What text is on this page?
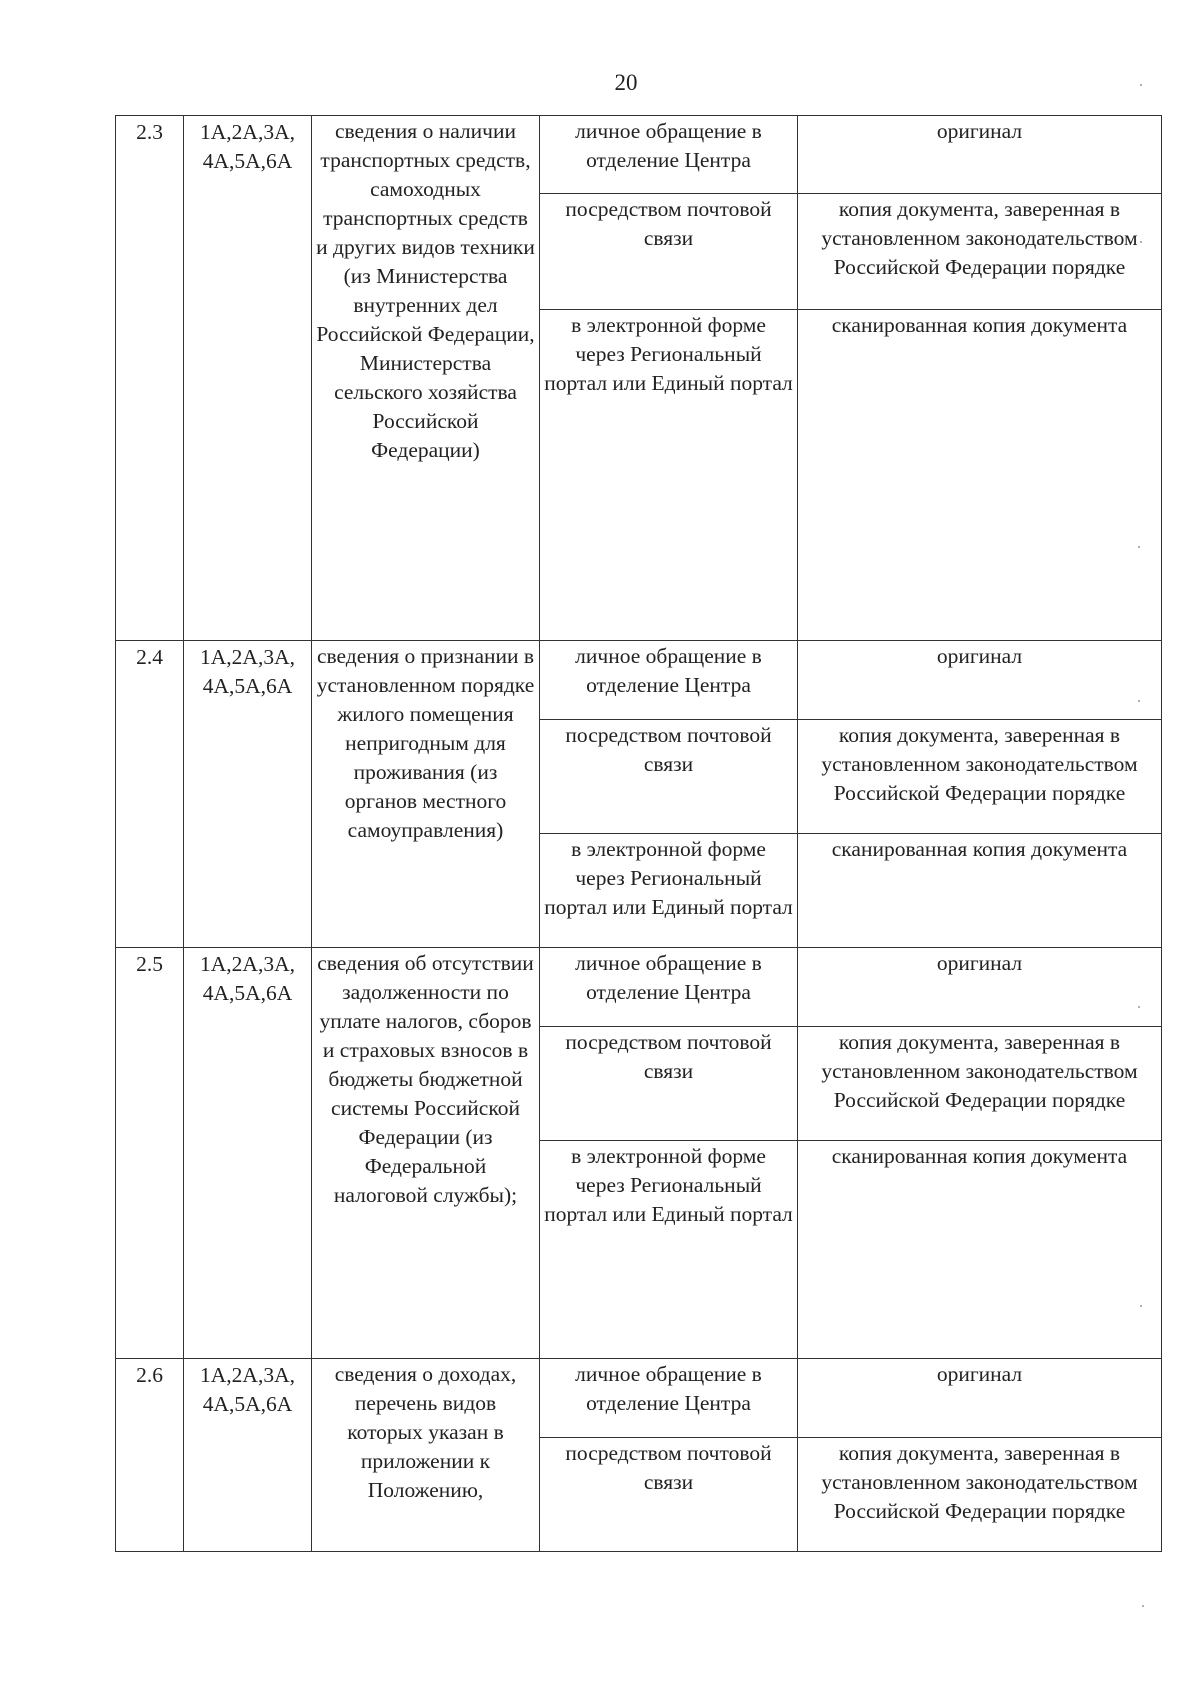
20
2.3	1А,2А,3А, 4А,5А,6А	сведения о наличии транспортных средств, самоходных транспортных средств и других видов техники (из Министерства внутренних дел Российской Федерации, Министерства сельского хозяйства Российской Федерации)	личное обращение в отделение Центра	оригинал
			посредством почтовой связи	копия документа, заверенная в установленном законодательством Российской Федерации порядке
			в электронной форме через Региональный портал или Единый портал	сканированная копия документа
2.4	1А,2А,3А, 4А,5А,6А	сведения о признании в установленном порядке жилого помещения непригодным для проживания (из органов местного самоуправления)	личное обращение в отделение Центра	оригинал
			посредством почтовой связи	копия документа, заверенная в установленном законодательством Российской Федерации порядке
			в электронной форме через Региональный портал или Единый портал	сканированная копия документа
2.5	1А,2А,3А, 4А,5А,6А	сведения об отсутствии задолженности по уплате налогов, сборов и страховых взносов в бюджеты бюджетной системы Российской Федерации (из Федеральной налоговой службы);	личное обращение в отделение Центра	оригинал
			посредством почтовой связи	копия документа, заверенная в установленном законодательством Российской Федерации порядке
			в электронной форме через Региональный портал или Единый портал	сканированная копия документа
2.6	1А,2А,3А, 4А,5А,6А	сведения о доходах, перечень видов которых указан в приложении к Положению,	личное обращение в отделение Центра	оригинал
			посредством почтовой связи	копия документа, заверенная в установленном законодательством Российской Федерации порядке
